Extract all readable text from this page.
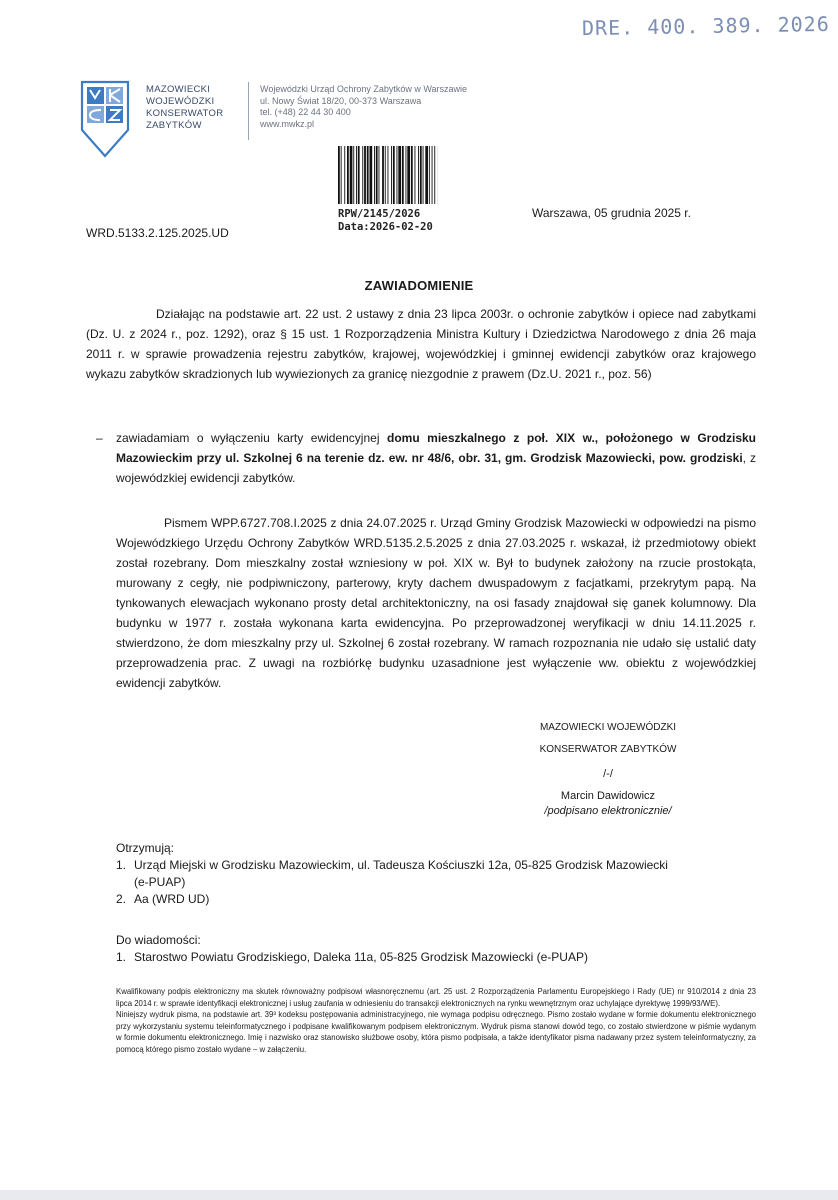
DRE. 400. 389. 2026
MAZOWIECKI
WOJEWÓDZKI
KONSERWATOR
ZABYTKÓW
Wojewódzki Urząd Ochrony Zabytków w Warszawie
ul. Nowy Świat 18/20, 00-373 Warszawa
tel. (+48) 22 44 30 400
www.mwkz.pl
RPW/2145/2026
Data:2026-02-20
WRD.5133.2.125.2025.UD
Warszawa, 05 grudnia 2025 r.
ZAWIADOMIENIE
Działając na podstawie art. 22 ust. 2 ustawy z dnia 23 lipca 2003r. o ochronie zabytków i opiece nad zabytkami (Dz. U. z 2024 r., poz. 1292), oraz § 15 ust. 1 Rozporządzenia Ministra Kultury i Dziedzictwa Narodowego z dnia 26 maja 2011 r. w sprawie prowadzenia rejestru zabytków, krajowej, wojewódzkiej i gminnej ewidencji zabytków oraz krajowego wykazu zabytków skradzionych lub wywiezionych za granicę niezgodnie z prawem (Dz.U. 2021 r., poz. 56)
– zawiadamiam o wyłączeniu karty ewidencyjnej domu mieszkalnego z poł. XIX w., położonego w Grodzisku Mazowieckim przy ul. Szkolnej 6 na terenie dz. ew. nr 48/6, obr. 31, gm. Grodzisk Mazowiecki, pow. grodziski, z wojewódzkiej ewidencji zabytków.
Pismem WPP.6727.708.I.2025 z dnia 24.07.2025 r. Urząd Gminy Grodzisk Mazowiecki w odpowiedzi na pismo Wojewódzkiego Urzędu Ochrony Zabytków WRD.5135.2.5.2025 z dnia 27.03.2025 r. wskazał, iż przedmiotowy obiekt został rozebrany. Dom mieszkalny został wzniesiony w poł. XIX w. Był to budynek założony na rzucie prostokąta, murowany z cegły, nie podpiwniczony, parterowy, kryty dachem dwuspadowym z facjatkami, przekrytym papą. Na tynkowanych elewacjach wykonano prosty detal architektoniczny, na osi fasady znajdował się ganek kolumnowy. Dla budynku w 1977 r. została wykonana karta ewidencyjna. Po przeprowadzonej weryfikacji w dniu 14.11.2025 r. stwierdzono, że dom mieszkalny przy ul. Szkolnej 6 został rozebrany. W ramach rozpoznania nie udało się ustalić daty przeprowadzenia prac. Z uwagi na rozbiórkę budynku uzasadnione jest wyłączenie ww. obiektu z wojewódzkiej ewidencji zabytków.
MAZOWIECKI WOJEWÓDZKI
KONSERWATOR ZABYTKÓW
/-/
Marcin Dawidowicz
/podpisano elektronicznie/
Otrzymują:
1. Urząd Miejski w Grodzisku Mazowieckim, ul. Tadeusza Kościuszki 12a, 05-825 Grodzisk Mazowiecki (e-PUAP)
2. Aa (WRD UD)
Do wiadomości:
1. Starostwo Powiatu Grodziskiego, Daleka 11a, 05-825 Grodzisk Mazowiecki (e-PUAP)

Kwalifikowany podpis elektroniczny ma skutek równoważny podpisowi własnoręcznemu (art. 25 ust. 2 Rozporządzenia Parlamentu Europejskiego i Rady (UE) nr 910/2014 z dnia 23 lipca 2014 r. w sprawie identyfikacji elektronicznej i usług zaufania w odniesieniu do transakcji elektronicznych na rynku wewnętrznym oraz uchylające dyrektywę 1999/93/WE).

Niniejszy wydruk pisma, na podstawie art. 39³ kodeksu postępowania administracyjnego, nie wymaga podpisu odręcznego. Pismo zostało wydane w formie dokumentu elektronicznego przy wykorzystaniu systemu teleinformatycznego i podpisane kwalifikowanym podpisem elektronicznym. Wydruk pisma stanowi dowód tego, co zostało stwierdzone w piśmie wydanym w formie dokumentu elektronicznego. Imię i nazwisko oraz stanowisko służbowe osoby, która pismo podpisała, a także identyfikator pisma nadawany przez system teleinformatyczny, za pomocą którego pismo zostało wydane – w załączeniu.
